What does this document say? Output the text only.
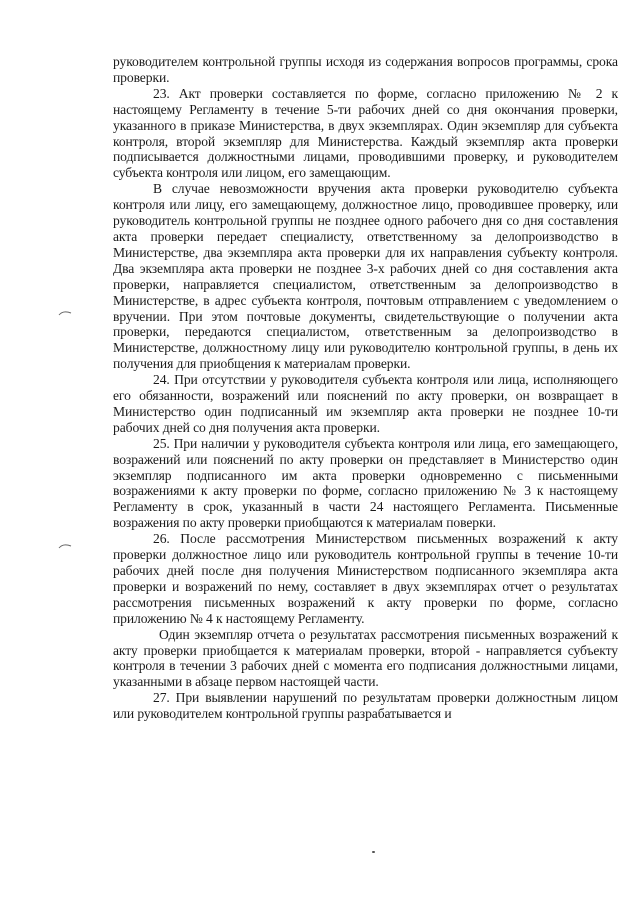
руководителем контрольной группы исходя из содержания вопросов программы, срока проверки.

23. Акт проверки составляется по форме, согласно приложению № 2 к настоящему Регламенту в течение 5-ти рабочих дней со дня окончания проверки, указанного в приказе Министерства, в двух экземплярах. Один экземпляр для субъекта контроля, второй экземпляр для Министерства. Каждый экземпляр акта проверки подписывается должностными лицами, проводившими проверку, и руководителем субъекта контроля или лицом, его замещающим.

В случае невозможности вручения акта проверки руководителю субъекта контроля или лицу, его замещающему, должностное лицо, проводившее проверку, или руководитель контрольной группы не позднее одного рабочего дня со дня составления акта проверки передает специалисту, ответственному за делопроизводство в Министерстве, два экземпляра акта проверки для их направления субъекту контроля. Два экземпляра акта проверки не позднее 3-х рабочих дней со дня составления акта проверки, направляется специалистом, ответственным за делопроизводство в Министерстве, в адрес субъекта контроля, почтовым отправлением с уведомлением о вручении. При этом почтовые документы, свидетельствующие о получении акта проверки, передаются специалистом, ответственным за делопроизводство в Министерстве, должностному лицу или руководителю контрольной группы, в день их получения для приобщения к материалам проверки.

24. При отсутствии у руководителя субъекта контроля или лица, исполняющего его обязанности, возражений или пояснений по акту проверки, он возвращает в Министерство один подписанный им экземпляр акта проверки не позднее 10-ти рабочих дней со дня получения акта проверки.

25. При наличии у руководителя субъекта контроля или лица, его замещающего, возражений или пояснений по акту проверки он представляет в Министерство один экземпляр подписанного им акта проверки одновременно с письменными возражениями к акту проверки по форме, согласно приложению № 3 к настоящему Регламенту в срок, указанный в части 24 настоящего Регламента. Письменные возражения по акту проверки приобщаются к материалам поверки.

26. После рассмотрения Министерством письменных возражений к акту проверки должностное лицо или руководитель контрольной группы в течение 10-ти рабочих дней после дня получения Министерством подписанного экземпляра акта проверки и возражений по нему, составляет в двух экземплярах отчет о результатах рассмотрения письменных возражений к акту проверки по форме, согласно приложению № 4 к настоящему Регламенту.

Один экземпляр отчета о результатах рассмотрения письменных возражений к акту проверки приобщается к материалам проверки, второй - направляется субъекту контроля в течении 3 рабочих дней с момента его подписания должностными лицами, указанными в абзаце первом настоящей части.

27. При выявлении нарушений по результатам проверки должностным лицом или руководителем контрольной группы разрабатывается и
